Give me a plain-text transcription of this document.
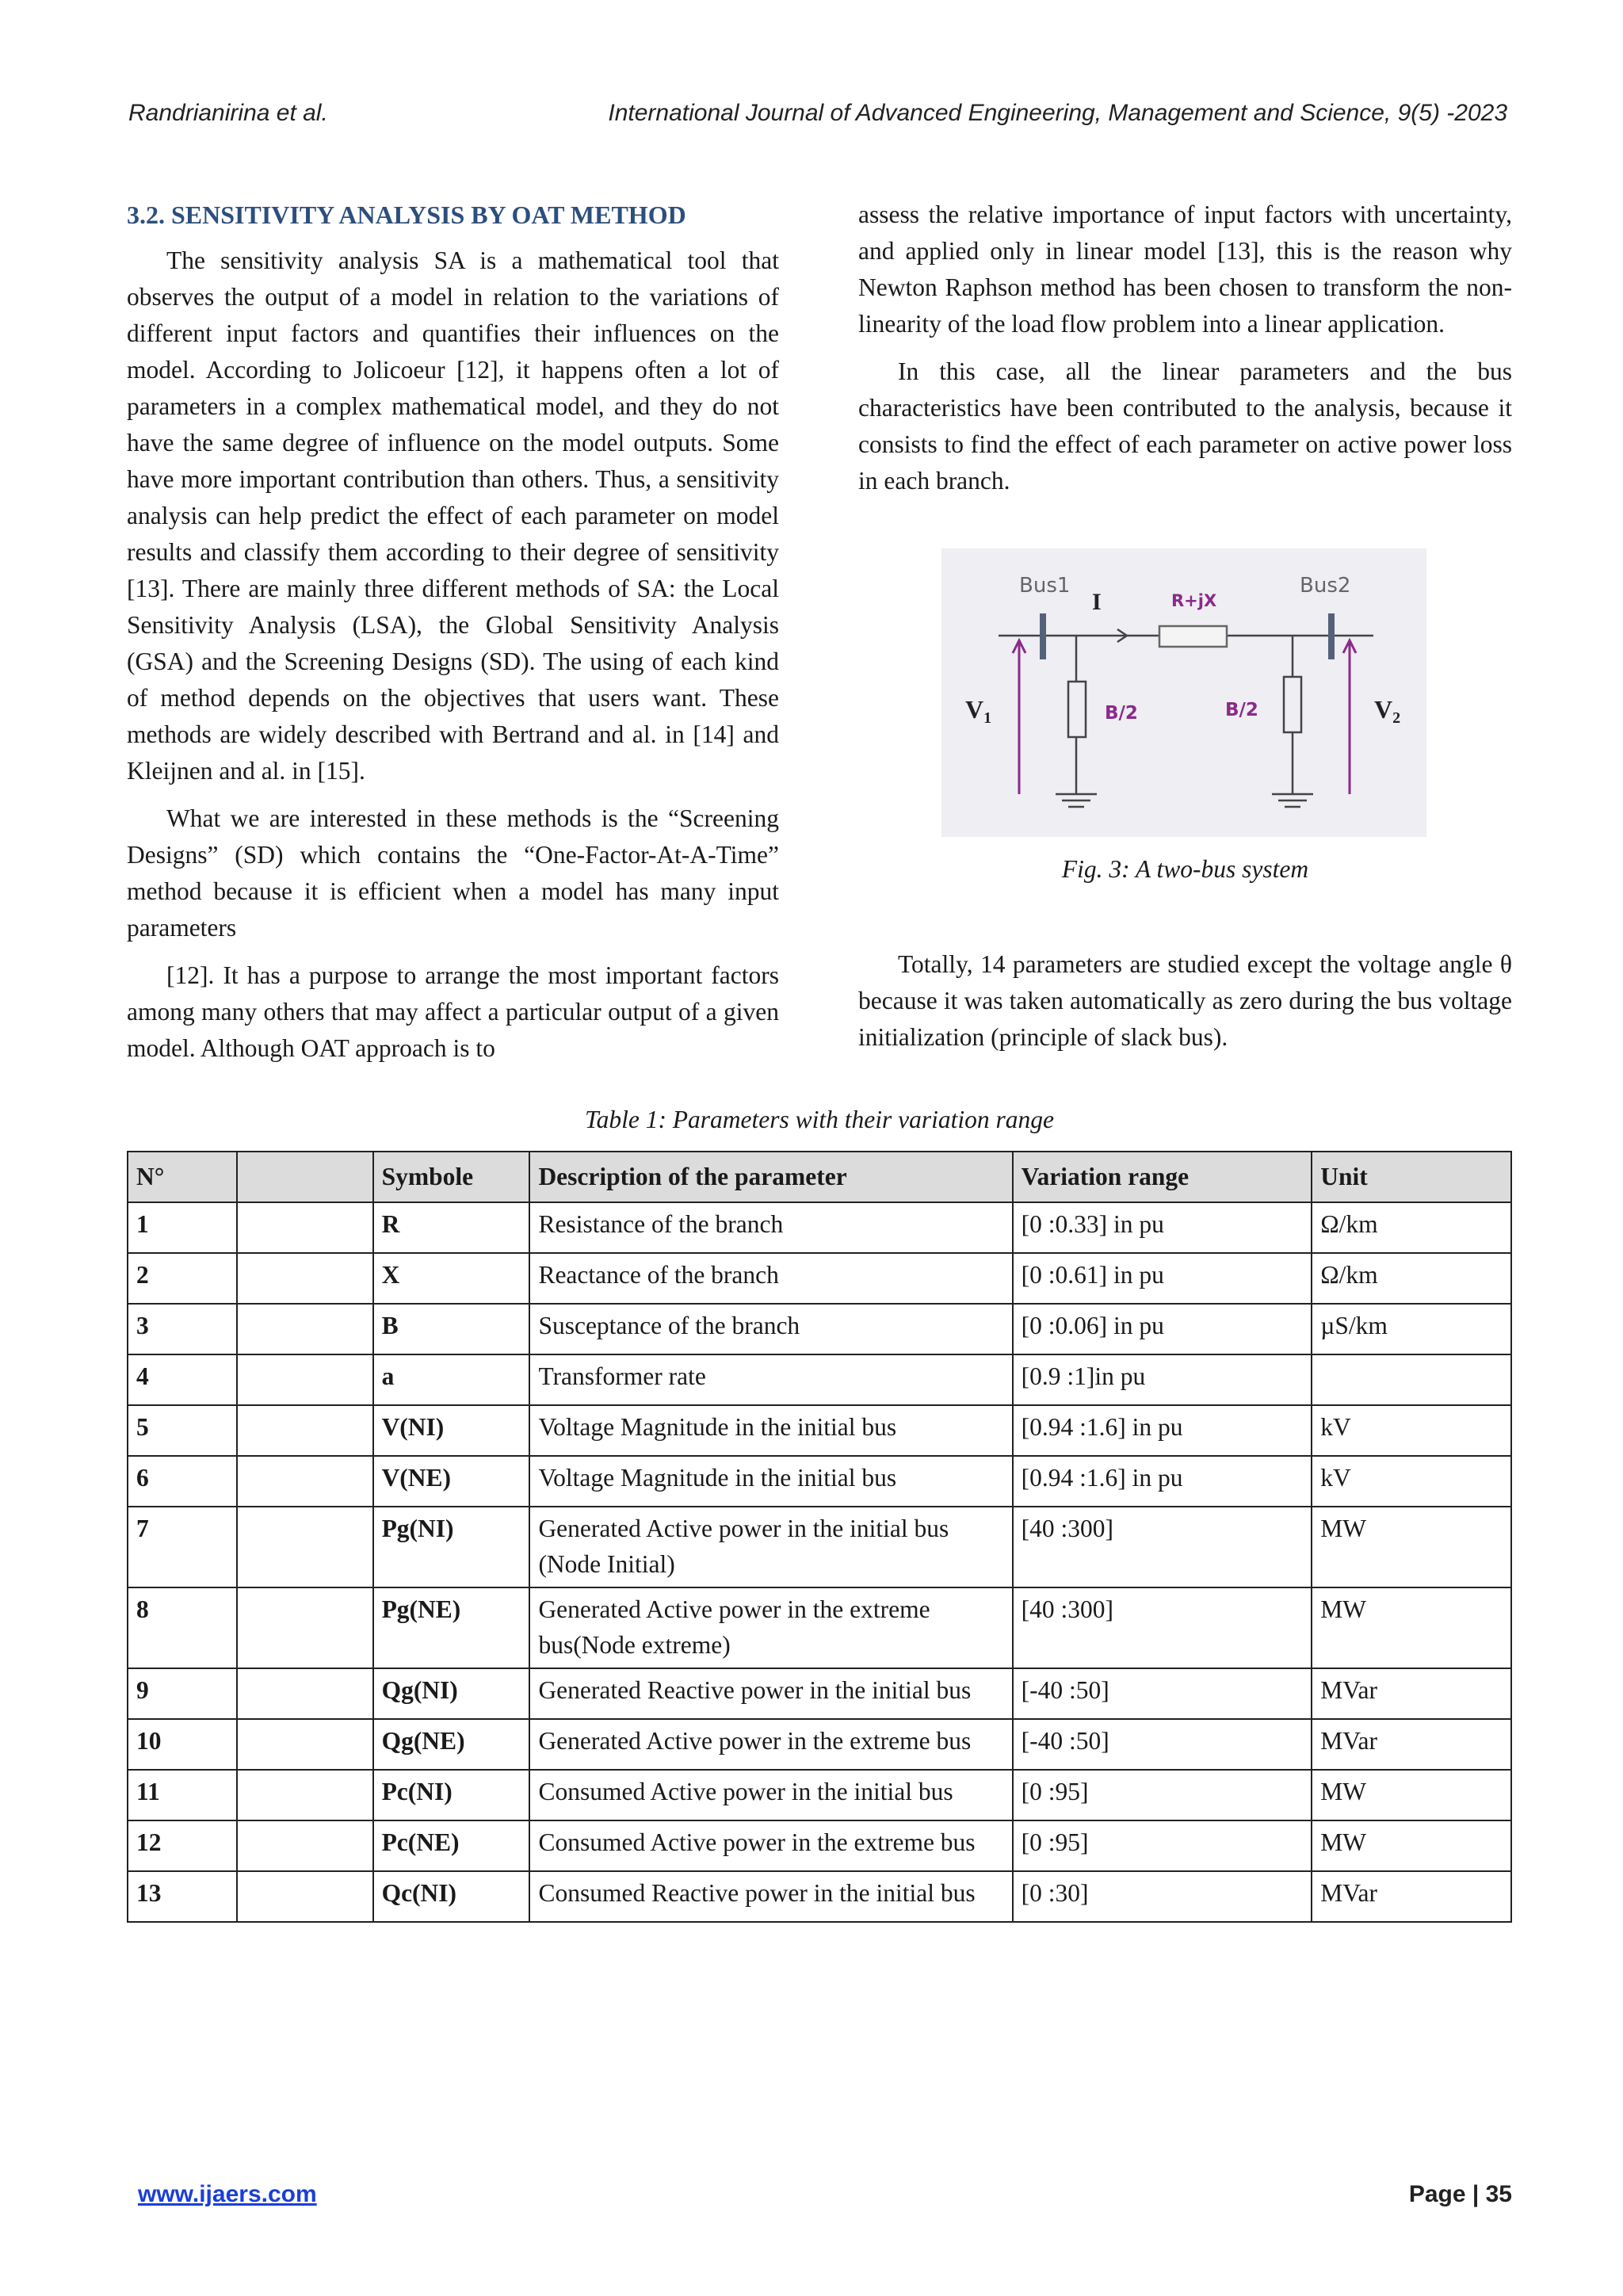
Randrianirina et al.	International Journal of Advanced Engineering, Management and Science, 9(5) -2023
3.2. SENSITIVITY ANALYSIS BY OAT METHOD

The sensitivity analysis SA is a mathematical tool that observes the output of a model in relation to the variations of different input factors and quantifies their influences on the model. According to Jolicoeur [12], it happens often a lot of parameters in a complex mathematical model, and they do not have the same degree of influence on the model outputs. Some have more important contribution than others. Thus, a sensitivity analysis can help predict the effect of each parameter on model results and classify them according to their degree of sensitivity [13]. There are mainly three different methods of SA: the Local Sensitivity Analysis (LSA), the Global Sensitivity Analysis (GSA) and the Screening Designs (SD). The using of each kind of method depends on the objectives that users want. These methods are widely described with Bertrand and al. in [14] and Kleijnen and al. in [15].

What we are interested in these methods is the “Screening Designs” (SD) which contains the “One-Factor-At-A-Time” method because it is efficient when a model has many input parameters

[12]. It has a purpose to arrange the most important factors among many others that may affect a particular output of a given model. Although OAT approach is to

assess the relative importance of input factors with uncertainty, and applied only in linear model [13], this is the reason why Newton Raphson method has been chosen to transform the non-linearity of the load flow problem into a linear application.

In this case, all the linear parameters and the bus characteristics have been contributed to the analysis, because it consists to find the effect of each parameter on active power loss in each branch.

Bus1	Bus2
R+jX
B/2	B/2
I
V1	V2
Fig. 3: A two-bus system

Totally, 14 parameters are studied except the voltage angle θ because it was taken automatically as zero during the bus voltage initialization (principle of slack bus).

Table 1: Parameters with their variation range
N°		Symbole	Description of the parameter	Variation range	Unit
1		R	Resistance of the branch	[0 :0.33] in pu	Ω/km
2		X	Reactance of the branch	[0 :0.61] in pu	Ω/km
3		B	Susceptance of the branch	[0 :0.06] in pu	µS/km
4		a	Transformer rate	[0.9 :1]in pu	
5		V(NI)	Voltage Magnitude in the initial bus	[0.94 :1.6] in pu	kV
6		V(NE)	Voltage Magnitude in the initial bus	[0.94 :1.6] in pu	kV
7		Pg(NI)	Generated Active power in the initial bus (Node Initial)	[40 :300]	MW
8		Pg(NE)	Generated Active power in the extreme bus(Node extreme)	[40 :300]	MW
9		Qg(NI)	Generated Reactive power in the initial bus	[-40 :50]	MVar
10		Qg(NE)	Generated Active power in the extreme bus	[-40 :50]	MVar
11		Pc(NI)	Consumed Active power in the initial bus	[0 :95]	MW
12		Pc(NE)	Consumed Active power in the extreme bus	[0 :95]	MW
13		Qc(NI)	Consumed Reactive power in the initial bus	[0 :30]	MVar
www.ijaers.com	Page | 35
